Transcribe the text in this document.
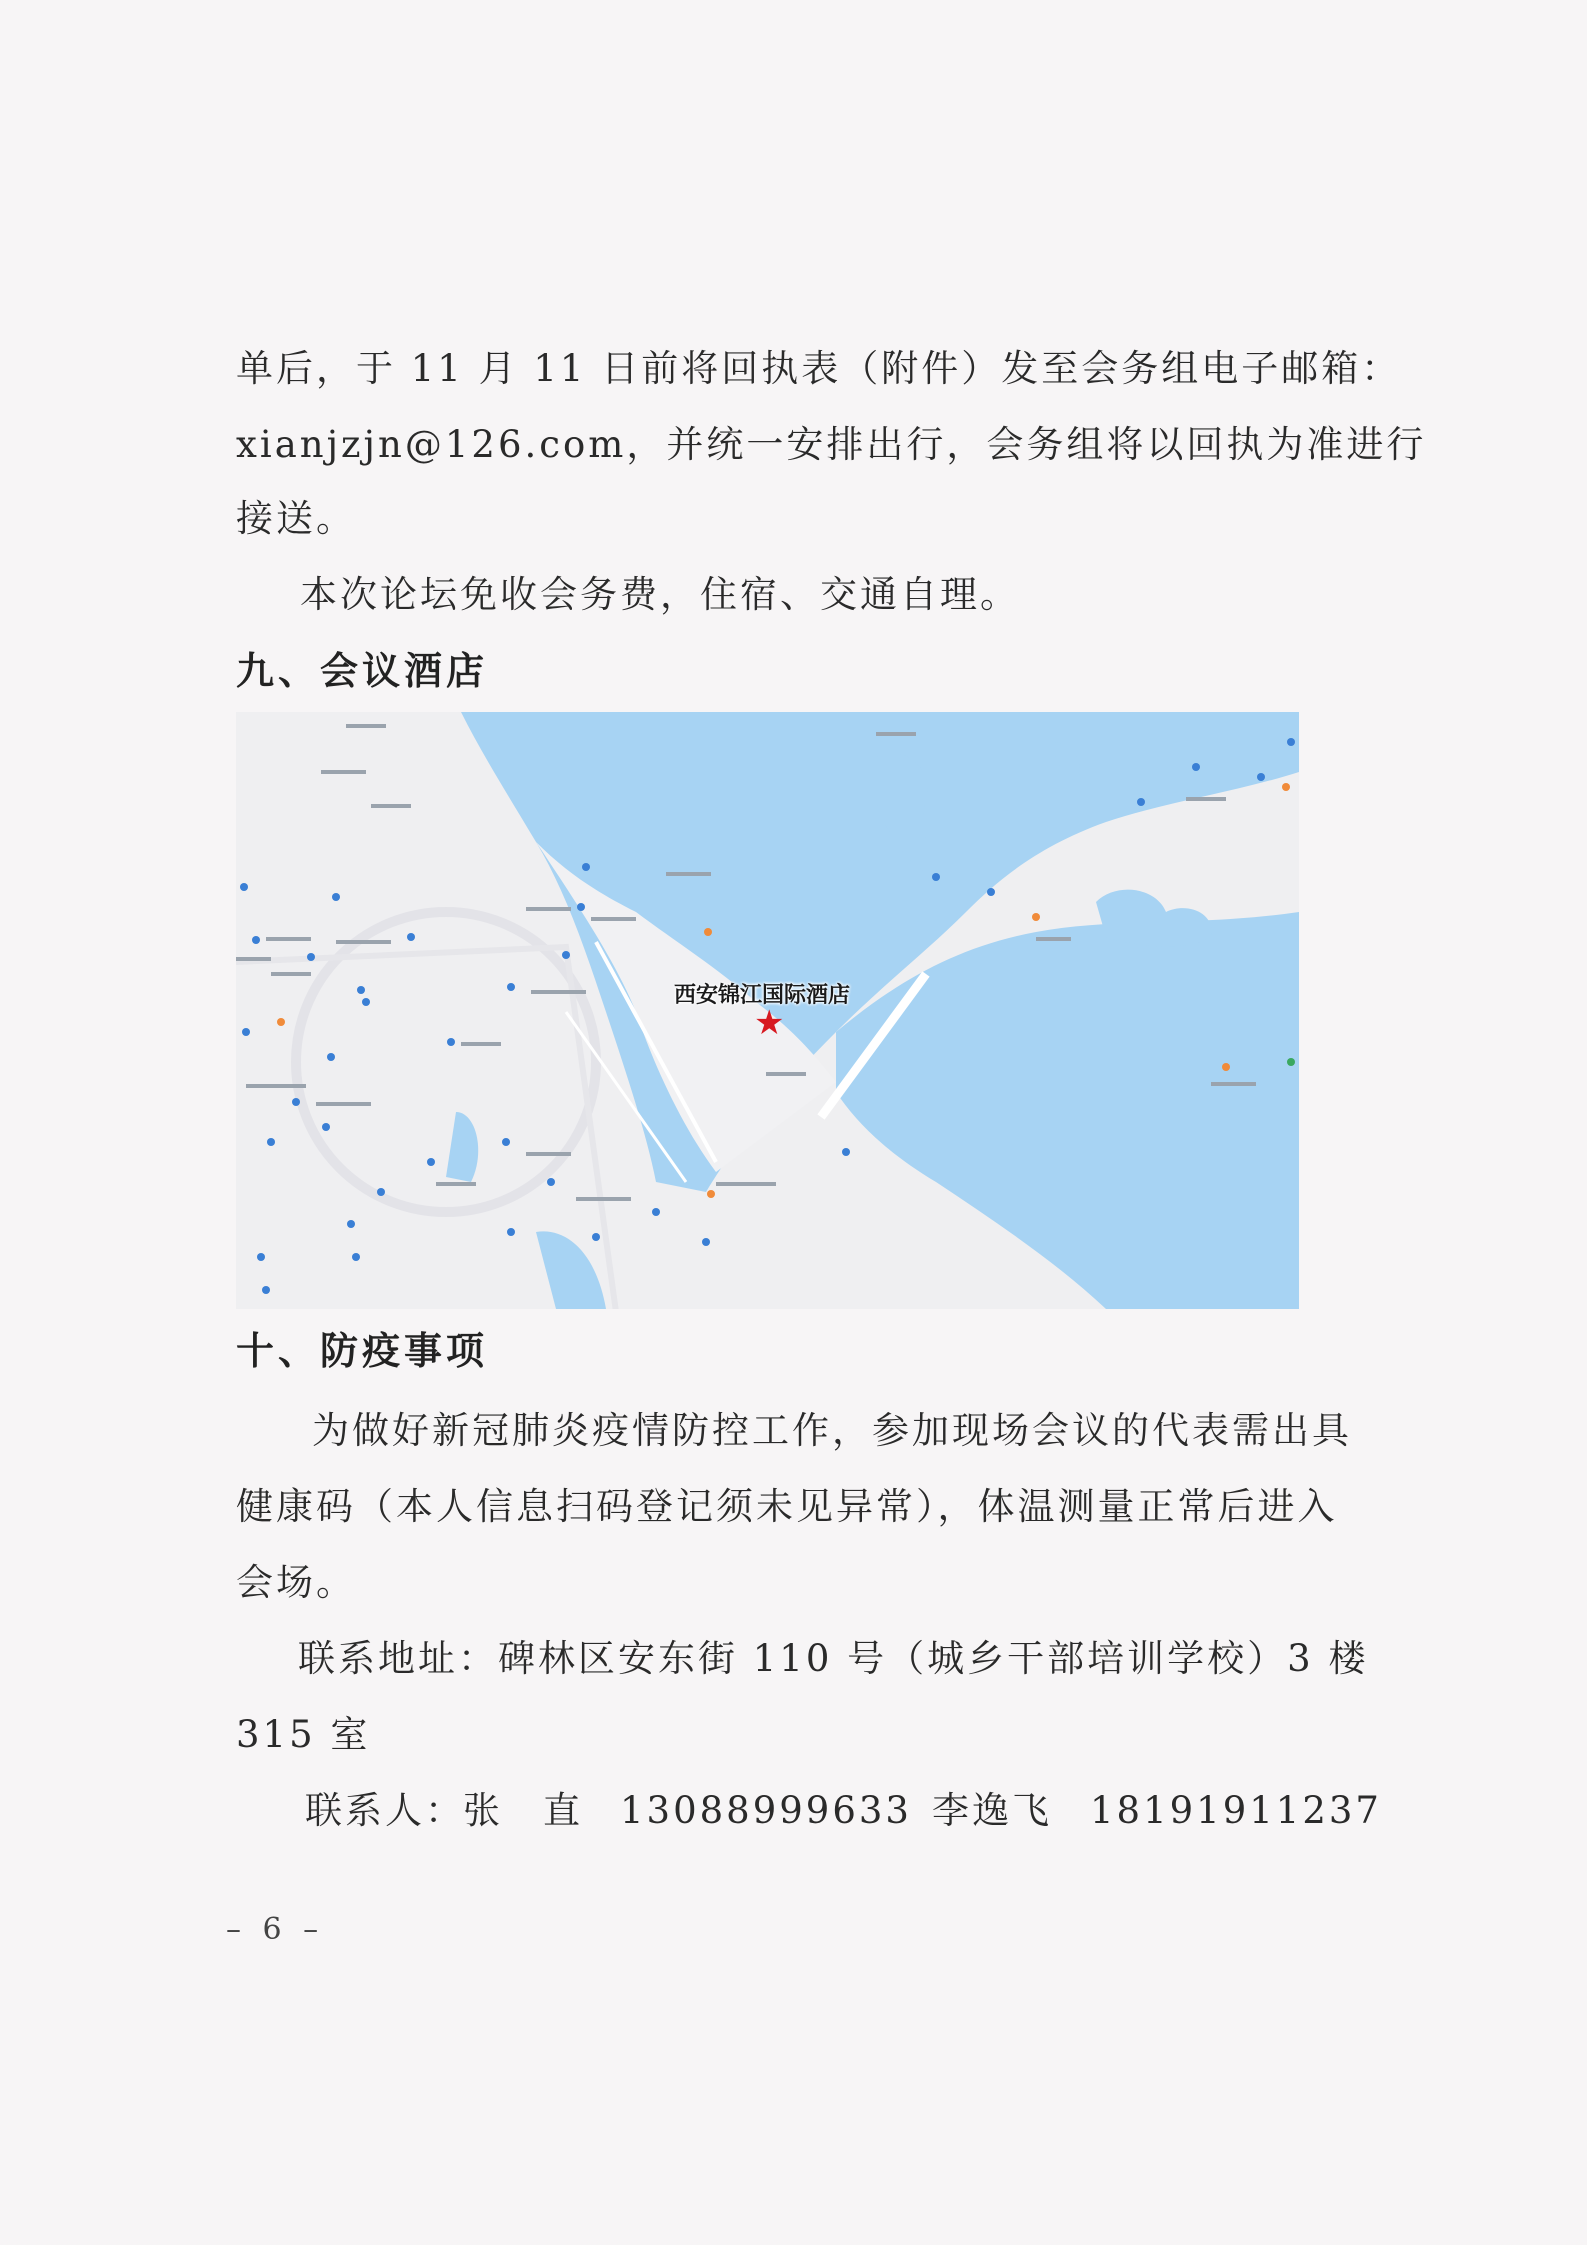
单后，于 11 月 11 日前将回执表（附件）发至会务组电子邮箱：
xianjzjn@126.com，并统一安排出行，会务组将以回执为准进行
接送。
本次论坛免收会务费，住宿、交通自理。
九、会议酒店
西安锦江国际酒店
★
十、防疫事项
为做好新冠肺炎疫情防控工作，参加现场会议的代表需出具
健康码（本人信息扫码登记须未见异常），体温测量正常后进入
会场。
联系地址：碑林区安东街 110 号（城乡干部培训学校）3 楼
315 室
联系人：
张　直 13088999633 李逸飞 18191911237
– 6 –
